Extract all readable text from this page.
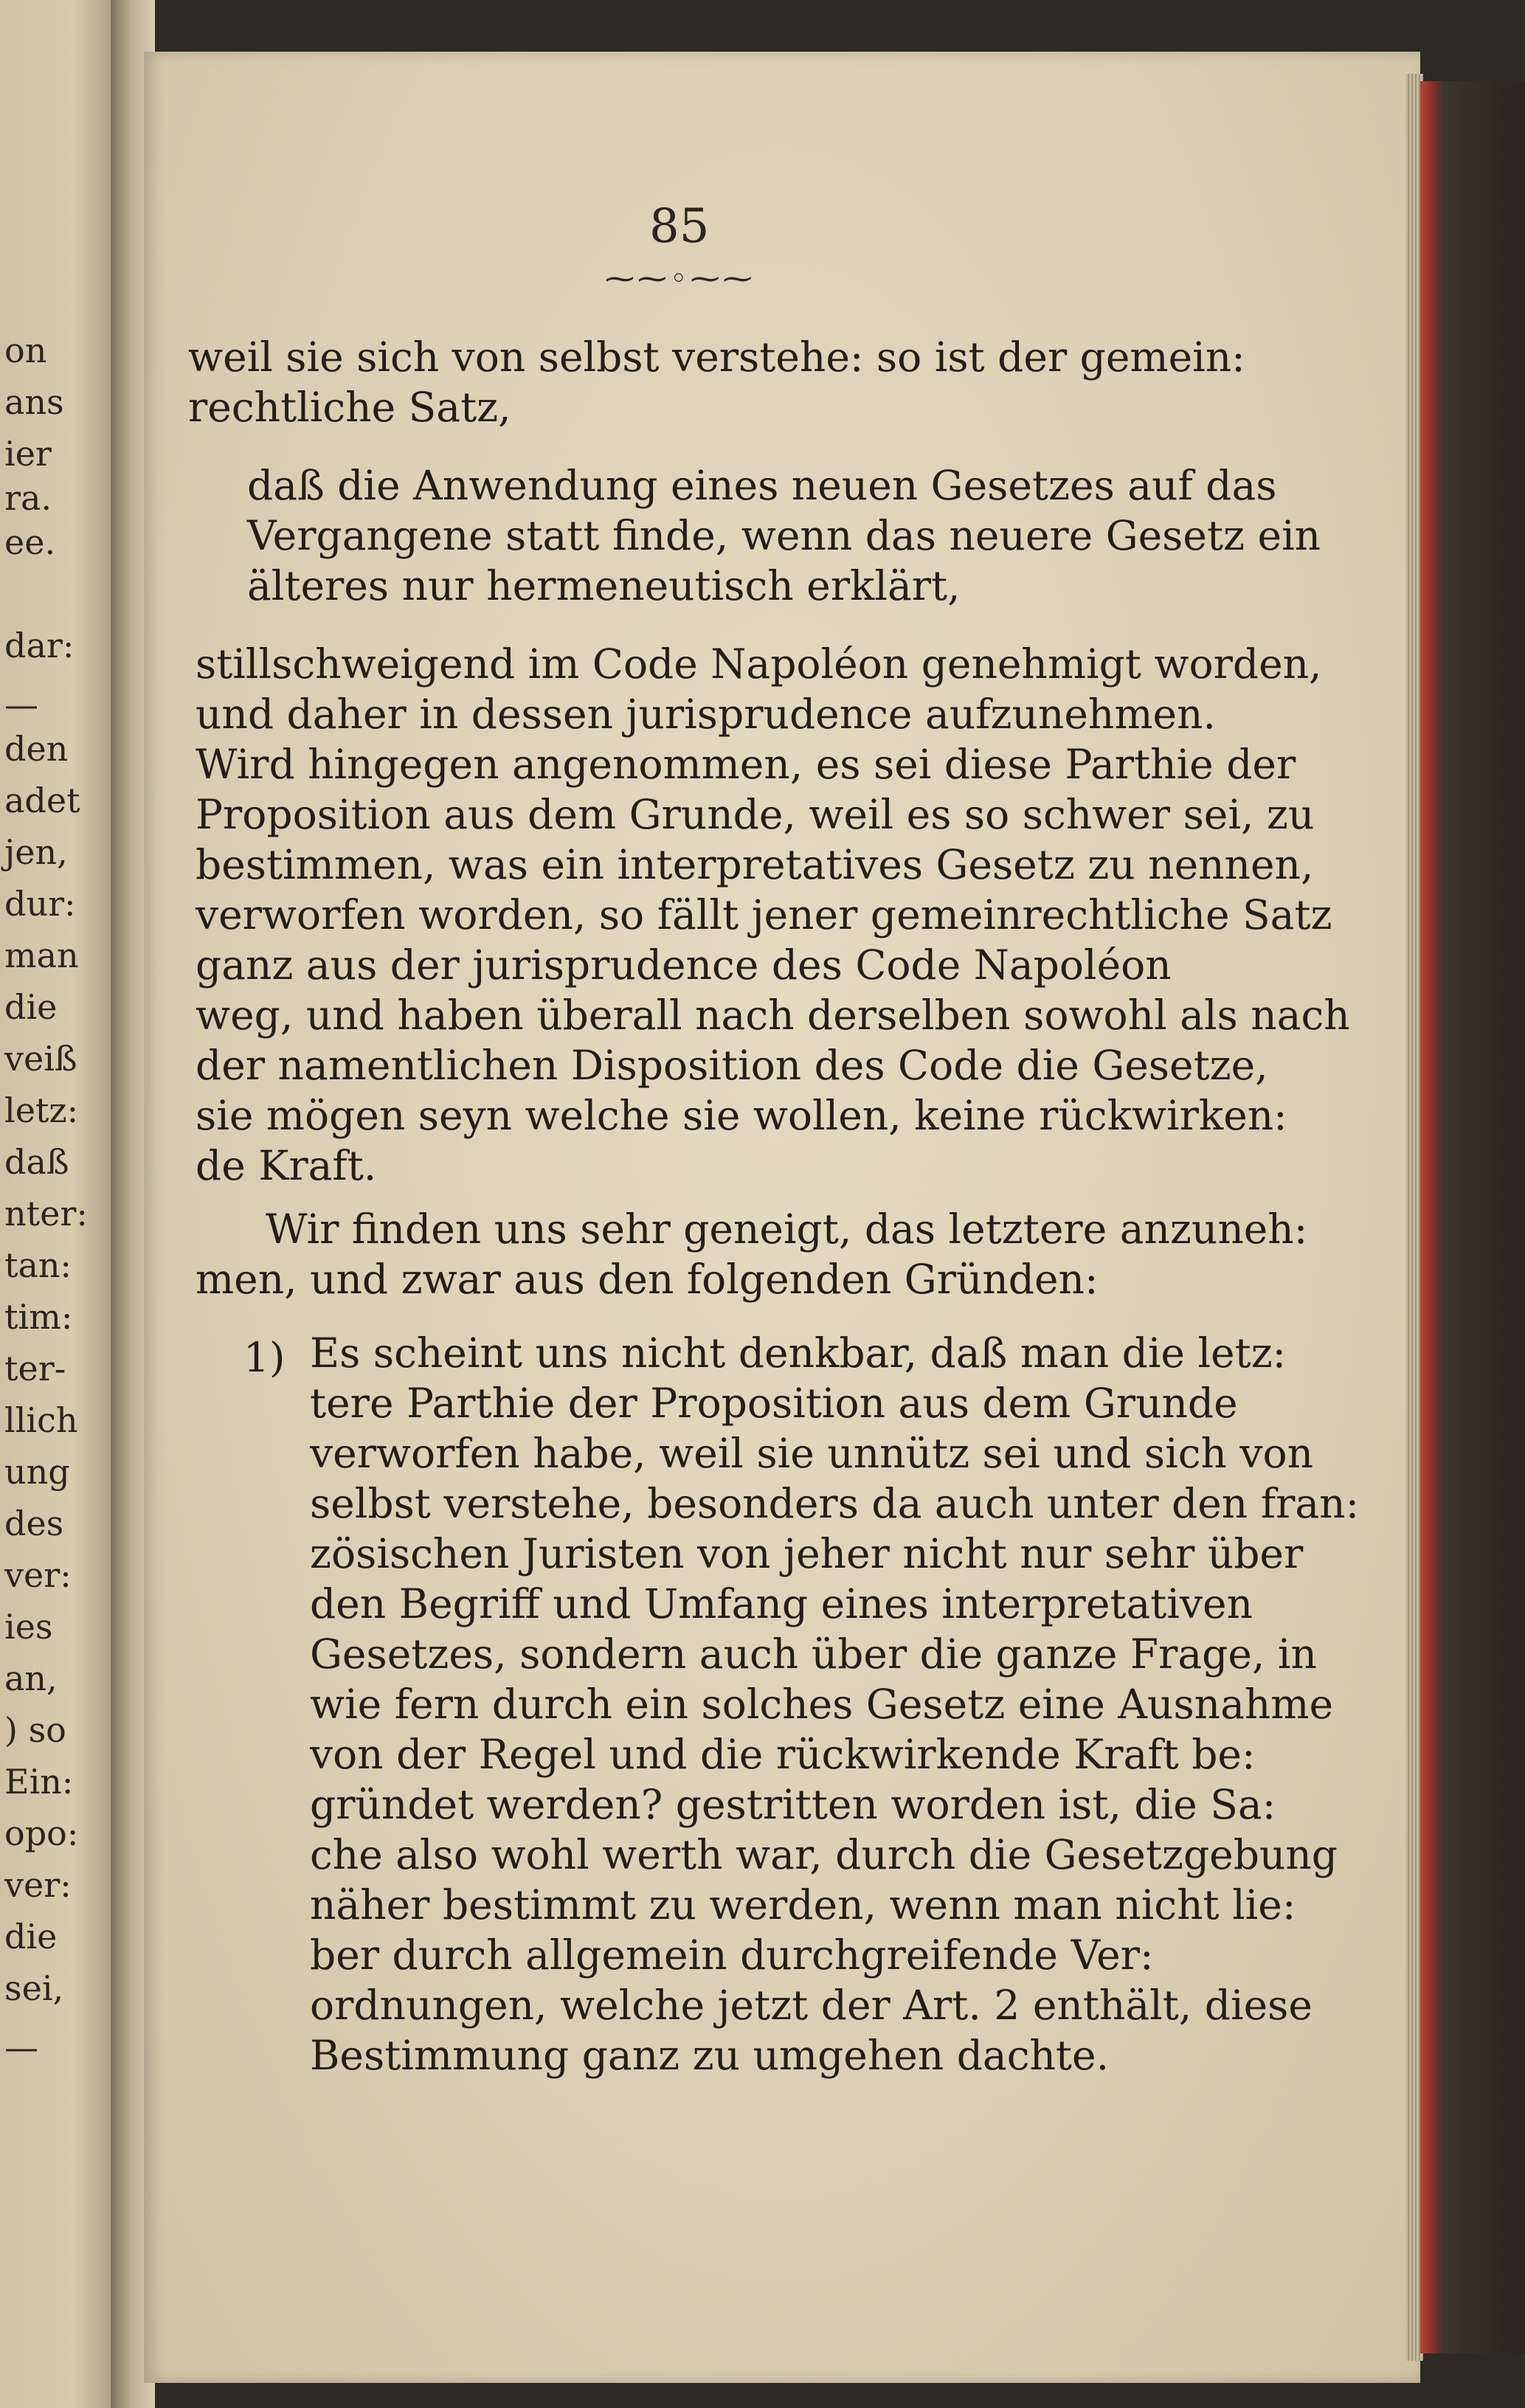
on
ans
ier
ra.
ee.
dar:
—
den
adet
jen,
dur:
man
die
veiß
letz:
daß
nter:
tan:
tim:
ter-
llich
ung
des
ver:
ies
an,
) so
Ein:
opo:
ver:
die
sei,
—
85
⁓⁓◦⁓⁓
weil sie sich von selbst verstehe: so ist der gemein:
rechtliche Satz,
daß die Anwendung eines neuen Gesetzes auf das
Vergangene statt finde, wenn das neuere Gesetz ein
älteres nur hermeneutisch erklärt,
stillschweigend im Code Napoléon genehmigt worden,
und daher in dessen jurisprudence aufzunehmen.
Wird hingegen angenommen, es sei diese Parthie der
Proposition aus dem Grunde, weil es so schwer sei, zu
bestimmen, was ein interpretatives Gesetz zu nennen,
verworfen worden, so fällt jener gemeinrechtliche Satz
ganz aus der jurisprudence des Code Napoléon
weg, und haben überall nach derselben sowohl als nach
der namentlichen Disposition des Code die Gesetze,
sie mögen seyn welche sie wollen, keine rückwirken:
de Kraft.
Wir finden uns sehr geneigt, das letztere anzuneh:
men, und zwar aus den folgenden Gründen:
1) Es scheint uns nicht denkbar, daß man die letz:
tere Parthie der Proposition aus dem Grunde
verworfen habe, weil sie unnütz sei und sich von
selbst verstehe, besonders da auch unter den fran:
zösischen Juristen von jeher nicht nur sehr über
den Begriff und Umfang eines interpretativen
Gesetzes, sondern auch über die ganze Frage, in
wie fern durch ein solches Gesetz eine Ausnahme
von der Regel und die rückwirkende Kraft be:
gründet werden? gestritten worden ist, die Sa:
che also wohl werth war, durch die Gesetzgebung
näher bestimmt zu werden, wenn man nicht lie:
ber durch allgemein durchgreifende Ver:
ordnungen, welche jetzt der Art. 2 enthält, diese
Bestimmung ganz zu umgehen dachte.
